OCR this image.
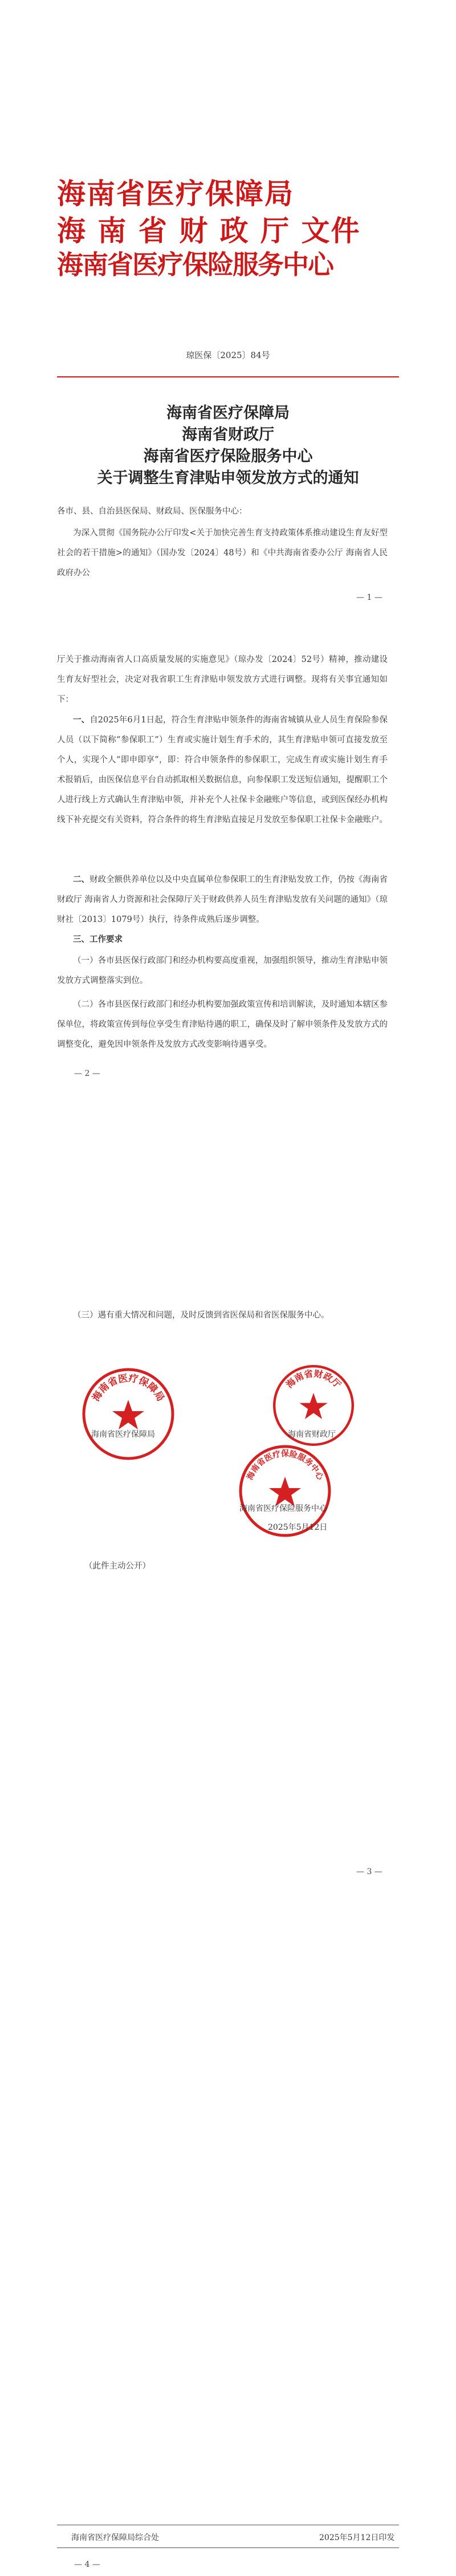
海南省医疗保障局
海 南 省 财 政 厅 文件
海南省医疗保险服务中心
琼医保〔2025〕84号
海南省医疗保障局
海南省财政厅
海南省医疗保险服务中心
关于调整生育津贴申领发放方式的通知
各市、县、自治县医保局、财政局、医保服务中心：
为深入贯彻《国务院办公厅印发<关于加快完善生育支持政策体系推动建设生育友好型社会的若干措施>的通知》（国办发〔2024〕48号）和《中共海南省委办公厅 海南省人民政府办公
— 1 —
厅关于推动海南省人口高质量发展的实施意见》（琼办发〔2024〕52号）精神，推动建设生育友好型社会，决定对我省职工生育津贴申领发放方式进行调整。现将有关事宜通知如下：
一、自2025年6月1日起，符合生育津贴申领条件的海南省城镇从业人员生育保险参保人员（以下简称“参保职工”）生育或实施计划生育手术的，其生育津贴申领可直接发放至个人，实现个人“即申即享”，即：符合申领条件的参保职工，完成生育或实施计划生育手术报销后，由医保信息平台自动抓取相关数据信息，向参保职工发送短信通知，提醒职工个人进行线上方式确认生育津贴申领，并补充个人社保卡金融账户等信息，或到医保经办机构线下补充提交有关资料，符合条件的将生育津贴直接足月发放至参保职工社保卡金融账户。
二、财政全额供养单位以及中央直属单位参保职工的生育津贴发放工作，仍按《海南省财政厅 海南省人力资源和社会保障厅关于财政供养人员生育津贴发放有关问题的通知》（琼财社〔2013〕1079号）执行，待条件成熟后逐步调整。
三、工作要求
（一）各市县医保行政部门和经办机构要高度重视，加强组织领导，推动生育津贴申领发放方式调整落实到位。
（二）各市县医保行政部门和经办机构要加强政策宣传和培训解读，及时通知本辖区参保单位，将政策宣传到每位享受生育津贴待遇的职工，确保及时了解申领条件及发放方式的调整变化，避免因申领条件及发放方式改变影响待遇享受。
— 2 —
（三）遇有重大情况和问题，及时反馈到省医保局和省医保服务中心。
海南省医疗保障局
海南省医疗保障局
海南省财政厅
海南省财政厅
海南省医疗保险服务中心
海南省医疗保险服务中心
2025年5月12日
（此件主动公开）
— 3 —
海南省医疗保障局综合处	2025年5月12日印发
— 4 —
